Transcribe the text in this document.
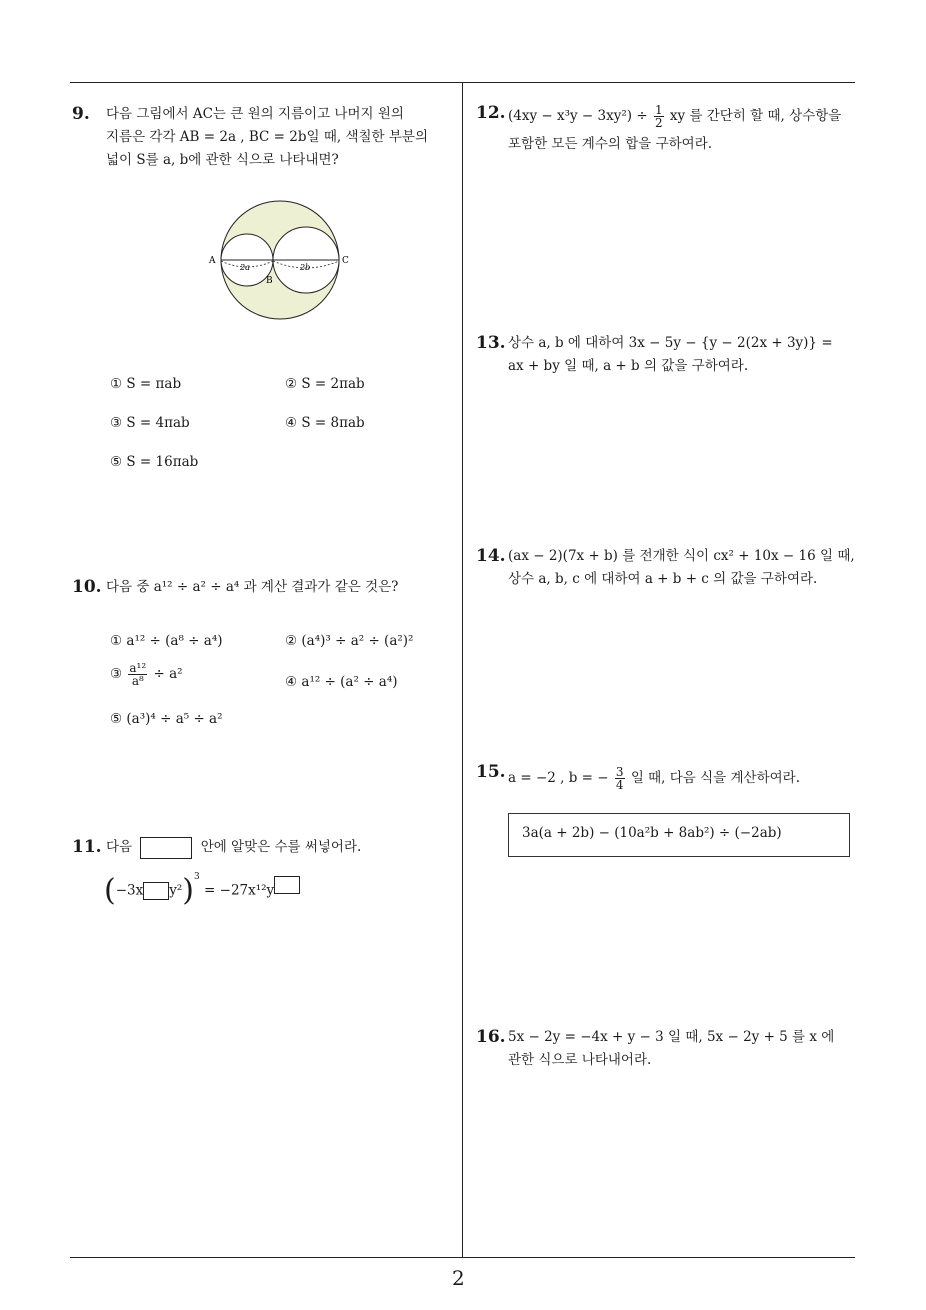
9. 다음 그림에서 AC는 큰 원의 지름이고 나머지 원의
지름은 각각 AB = 2a , BC = 2b일 때, 색칠한 부분의
넓이 S를 a, b에 관한 식으로 나타내면?
A	C
B
2a	2b
① S = πab	② S = 2πab
③ S = 4πab	④ S = 8πab
⑤ S = 16πab
10. 다음 중 a¹² ÷ a² ÷ a⁴ 과 계산 결과가 같은 것은?
① a¹² ÷ (a⁸ ÷ a⁴)	② (a⁴)³ ÷ a² ÷ (a²)²
③ $\frac{\text{a¹²}}{\text{a⁸}} \div a^2$	④ a¹² ÷ (a² ÷ a⁴)
⑤ (a³)⁴ ÷ a⁵ ÷ a²
11. 다음	안에 알맞은 수를 써넣어라.
(−3x y²)$^3$ = −27x¹²y
12. $(4xy - x^3y - 3xy^2) \div \frac{1}{2}$ xy 를 간단히 할 때, 상수항을
포함한 모든 계수의 합을 구하여라.
13. 상수 a, b 에 대하여 3x − 5y − {y − 2(2x + 3y)} =
ax + by 일 때, a + b 의 값을 구하여라.
14. (ax − 2)(7x + b) 를 전개한 식이 cx² + 10x − 16 일 때,
상수 a, b, c 에 대하여 a + b + c 의 값을 구하여라.
15. a = −2 , b = − $\frac{3}{4}$ 일 때, 다음 식을 계산하여라.
3a(a + 2b) − (10a²b + 8ab²) ÷ (−2ab)
16. 5x − 2y = −4x + y − 3 일 때, 5x − 2y + 5 를 x 에
관한 식으로 나타내어라.
2
